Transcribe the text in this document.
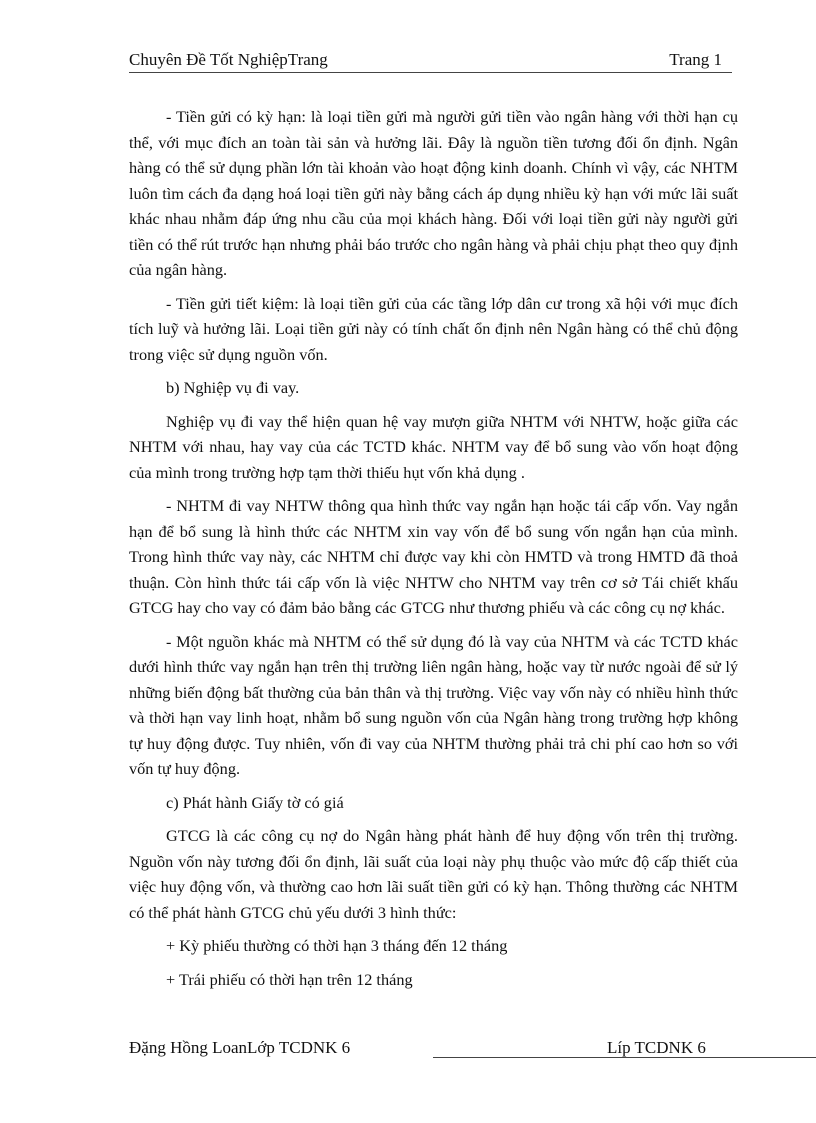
Chuyên Đề Tốt NghiệpTrang	Trang 1

- Tiền gửi có kỳ hạn: là loại tiền gửi mà người gửi tiền vào ngân hàng với thời hạn cụ thể, với mục đích an toàn tài sản và hưởng lãi. Đây là nguồn tiền tương đối ổn định. Ngân hàng có thể sử dụng phần lớn tài khoản vào hoạt động kinh doanh. Chính vì vậy, các NHTM luôn tìm cách đa dạng hoá loại tiền gửi này bằng cách áp dụng nhiều kỳ hạn với mức lãi suất khác nhau nhằm đáp ứng nhu cầu của mọi khách hàng. Đối với loại tiền gửi này người gửi tiền có thể rút trước hạn nhưng phải báo trước cho ngân hàng và phải chịu phạt theo quy định của ngân hàng.

- Tiền gửi tiết kiệm: là loại tiền gửi của các tầng lớp dân cư trong xã hội với mục đích tích luỹ và hưởng lãi. Loại tiền gửi này có tính chất ổn định nên Ngân hàng có thể chủ động trong việc sử dụng nguồn vốn.

b) Nghiệp vụ đi vay.

Nghiệp vụ đi vay thể hiện quan hệ vay mượn giữa NHTM với NHTW, hoặc giữa các NHTM với nhau, hay vay của các TCTD khác. NHTM vay để bổ sung vào vốn hoạt động của mình trong trường hợp tạm thời thiếu hụt vốn khả dụng .

- NHTM đi vay NHTW thông qua hình thức vay ngắn hạn hoặc tái cấp vốn. Vay ngắn hạn để bổ sung là hình thức các NHTM xin vay vốn để bổ sung vốn ngắn hạn của mình. Trong hình thức vay này, các NHTM chỉ được vay khi còn HMTD và trong HMTD đã thoả thuận. Còn hình thức tái cấp vốn là việc NHTW cho NHTM vay trên cơ sở Tái chiết khấu GTCG hay cho vay có đảm bảo bằng các GTCG như thương phiếu và các công cụ nợ khác.

- Một nguồn khác mà NHTM có thể sử dụng đó là vay của NHTM và các TCTD khác dưới hình thức vay ngắn hạn trên thị trường liên ngân hàng, hoặc vay từ nước ngoài để sử lý những biến động bất thường của bản thân và thị trường. Việc vay vốn này có nhiều hình thức và thời hạn vay linh hoạt, nhằm bổ sung nguồn vốn của Ngân hàng trong trường hợp không tự huy động được. Tuy nhiên, vốn đi vay của NHTM thường phải trả chi phí cao hơn so với vốn tự huy động.

c) Phát hành Giấy tờ có giá

GTCG là các công cụ nợ do Ngân hàng phát hành để huy động vốn trên thị trường. Nguồn vốn này tương đối ổn định, lãi suất của loại này phụ thuộc vào mức độ cấp thiết của việc huy động vốn, và thường cao hơn lãi suất tiền gửi có kỳ hạn. Thông thường các NHTM có thể phát hành GTCG chủ yếu dưới 3 hình thức:

+ Kỳ phiếu thường có thời hạn 3 tháng đến 12 tháng

+ Trái phiếu có thời hạn trên 12 tháng

Đặng Hồng LoanLớp TCDNK 6	Líp TCDNK 6
